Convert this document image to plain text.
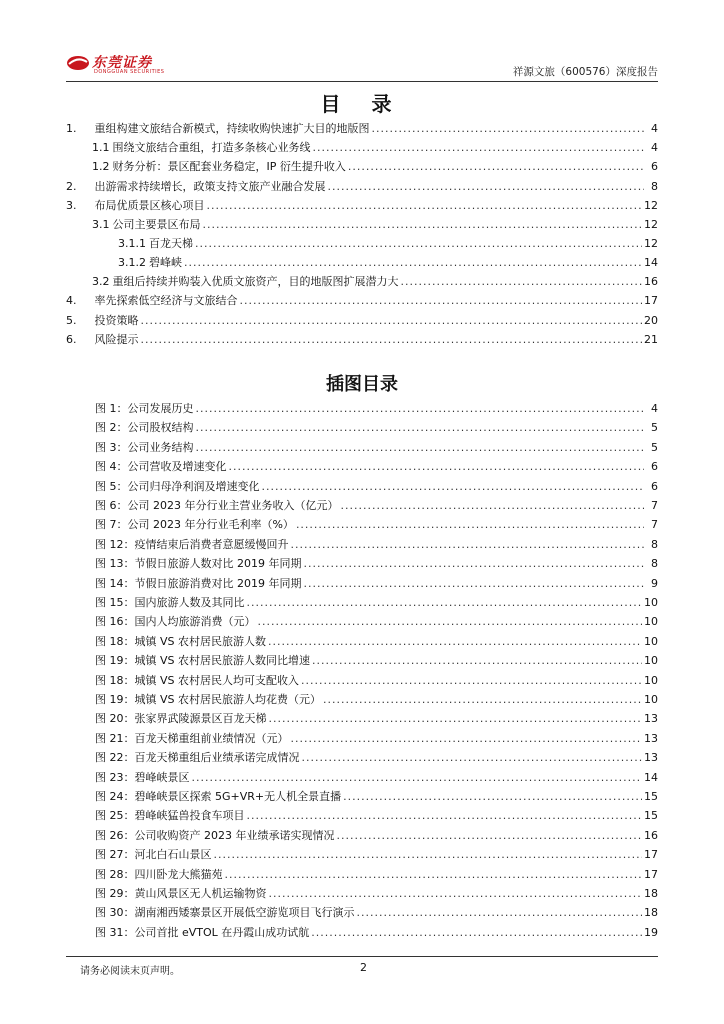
东莞证券
DONGGUAN SECURITIES	祥源文旅（600576）深度报告
目 录
1. 重组构建文旅结合新模式，持续收购快速扩大目的地版图 .....	4
1.1 围绕文旅结合重组，打造多条核心业务线 .....	4
1.2 财务分析：景区配套业务稳定，IP 衍生提升收入 .....	6
2. 出游需求持续增长，政策支持文旅产业融合发展 .....	8
3. 布局优质景区核心项目 .....	12
3.1 公司主要景区布局 .....	12
3.1.1 百龙天梯 .....	12
3.1.2 碧峰峡 .....	14
3.2 重组后持续并购装入优质文旅资产，目的地版图扩展潜力大 .....	16
4. 率先探索低空经济与文旅结合 .....	17
5. 投资策略 .....	20
6. 风险提示 .....	21
插图目录
图 1：公司发展历史 .....	4
图 2：公司股权结构 .....	5
图 3：公司业务结构 .....	5
图 4：公司营收及增速变化 .....	6
图 5：公司归母净利润及增速变化 .....	6
图 6：公司 2023 年分行业主营业务收入（亿元） .....	7
图 7：公司 2023 年分行业毛利率（%） .....	7
图 12：疫情结束后消费者意愿缓慢回升 .....	8
图 13：节假日旅游人数对比 2019 年同期 .....	8
图 14：节假日旅游消费对比 2019 年同期 .....	9
图 15：国内旅游人数及其同比 .....	10
图 16：国内人均旅游消费（元） .....	10
图 18：城镇 VS 农村居民旅游人数 .....	10
图 19：城镇 VS 农村居民旅游人数同比增速 .....	10
图 18：城镇 VS 农村居民人均可支配收入 .....	10
图 19：城镇 VS 农村居民旅游人均花费（元） .....	10
图 20：张家界武陵源景区百龙天梯 .....	13
图 21：百龙天梯重组前业绩情况（元） .....	13
图 22：百龙天梯重组后业绩承诺完成情况 .....	13
图 23：碧峰峡景区 .....	14
图 24：碧峰峡景区探索 5G+VR+无人机全景直播 .....	15
图 25：碧峰峡猛兽投食车项目 .....	15
图 26：公司收购资产 2023 年业绩承诺实现情况 .....	16
图 27：河北白石山景区 .....	17
图 28：四川卧龙大熊猫苑 .....	17
图 29：黄山风景区无人机运输物资 .....	18
图 30：湖南湘西矮寨景区开展低空游览项目飞行演示 .....	18
图 31：公司首批 eVTOL 在丹霞山成功试航 .....	19
请务必阅读末页声明。	2
